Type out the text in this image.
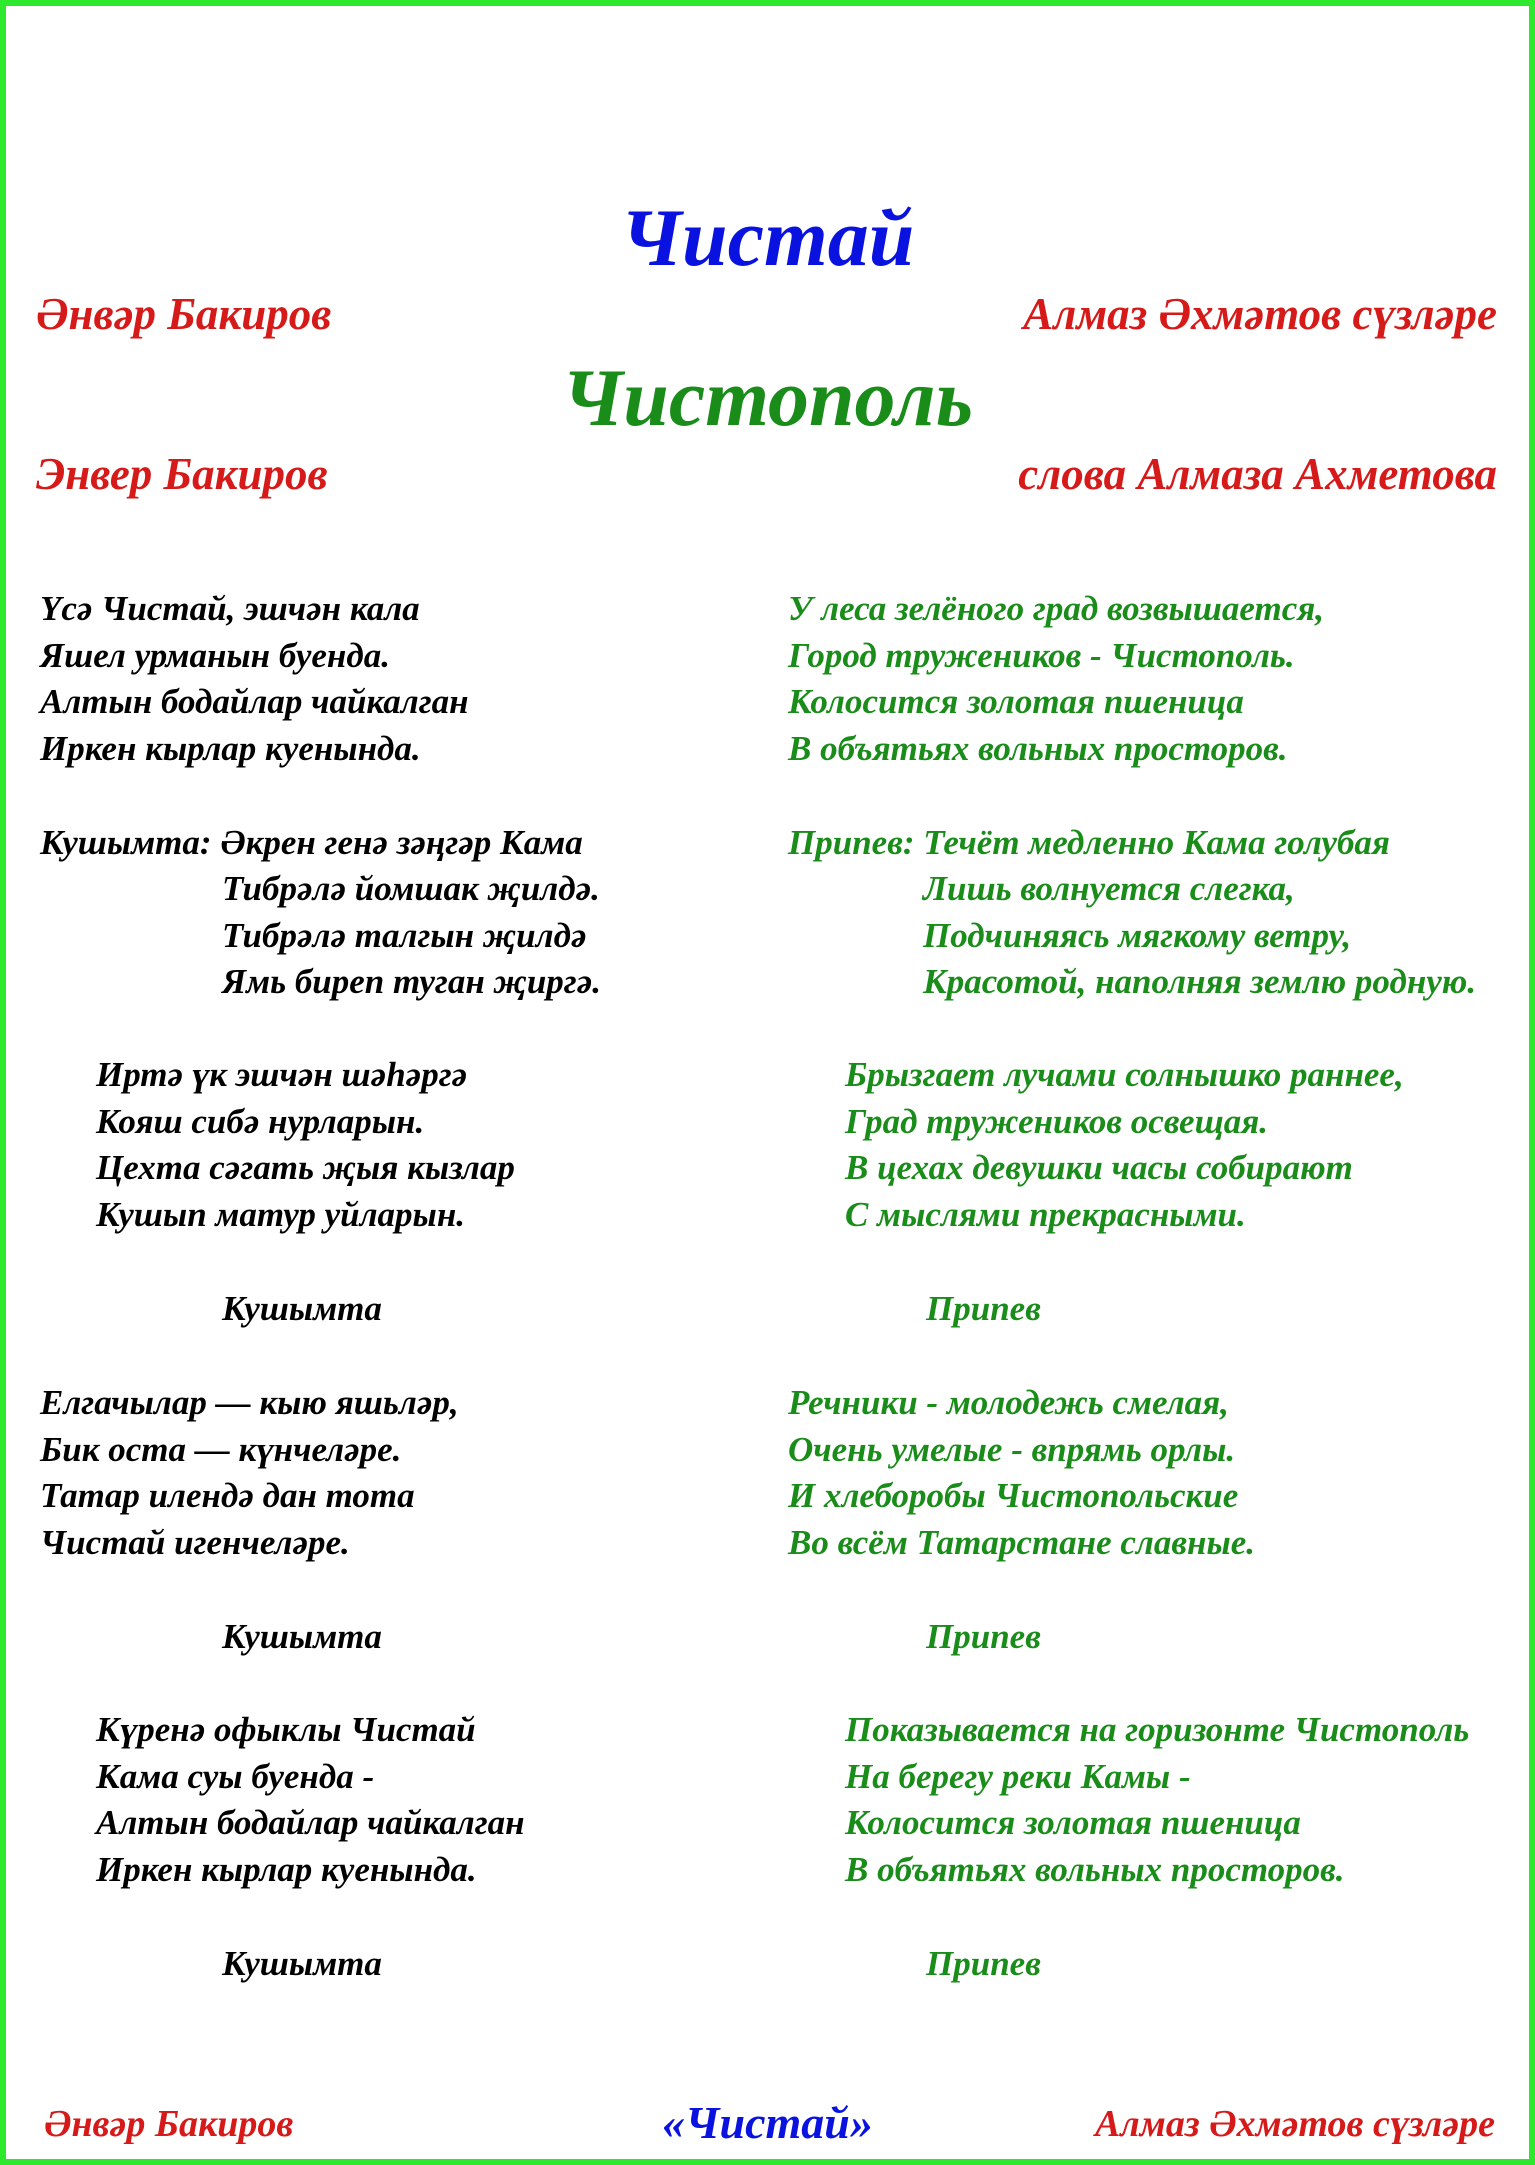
Чистай
Әнвәр Бакиров	Алмаз Әхмәтов сүзләре
Чистополь
Энвер Бакиров	слова Алмаза Ахметова
Үсә Чистай, эшчән кала
Яшел урманын буенда.
Алтын бодайлар чайкалган
Иркен кырлар куенында.
Кушымта: Әкрен генә зәңгәр Кама
Тибрәлә йомшак җилдә.
Тибрәлә талгын җилдә
Ямь биреп туган җиргә.
Иртә үк эшчән шәһәргә
Кояш сибә нурларын.
Цехта сәгать җыя кызлар
Кушып матур уйларын.
Кушымта
Елгачылар — кыю яшьләр,
Бик оста — күнчеләре.
Татар илендә дан тота
Чистай игенчеләре.
Кушымта
Күренә офыклы Чистай
Кама суы буенда -
Алтын бодайлар чайкалган
Иркен кырлар куенында.
Кушымта
У леса зелёного град возвышается,
Город тружеников - Чистополь.
Колосится золотая пшеница
В объятьях вольных просторов.
Припев: Течёт медленно Кама голубая
Лишь волнуется слегка,
Подчиняясь мягкому ветру,
Красотой, наполняя землю родную.
Брызгает лучами солнышко раннее,
Град тружеников освещая.
В цехах девушки часы собирают
С мыслями прекрасными.
Припев
Речники - молодежь смелая,
Очень умелые - впрямь орлы.
И хлеборобы Чистопольские
Во всём Татарстане славные.
Припев
Показывается на горизонте Чистополь
На берегу реки Камы -
Колосится золотая пшеница
В объятьях вольных просторов.
Припев
Әнвәр Бакиров	«Чистай»	Алмаз Әхмәтов сүзләре
